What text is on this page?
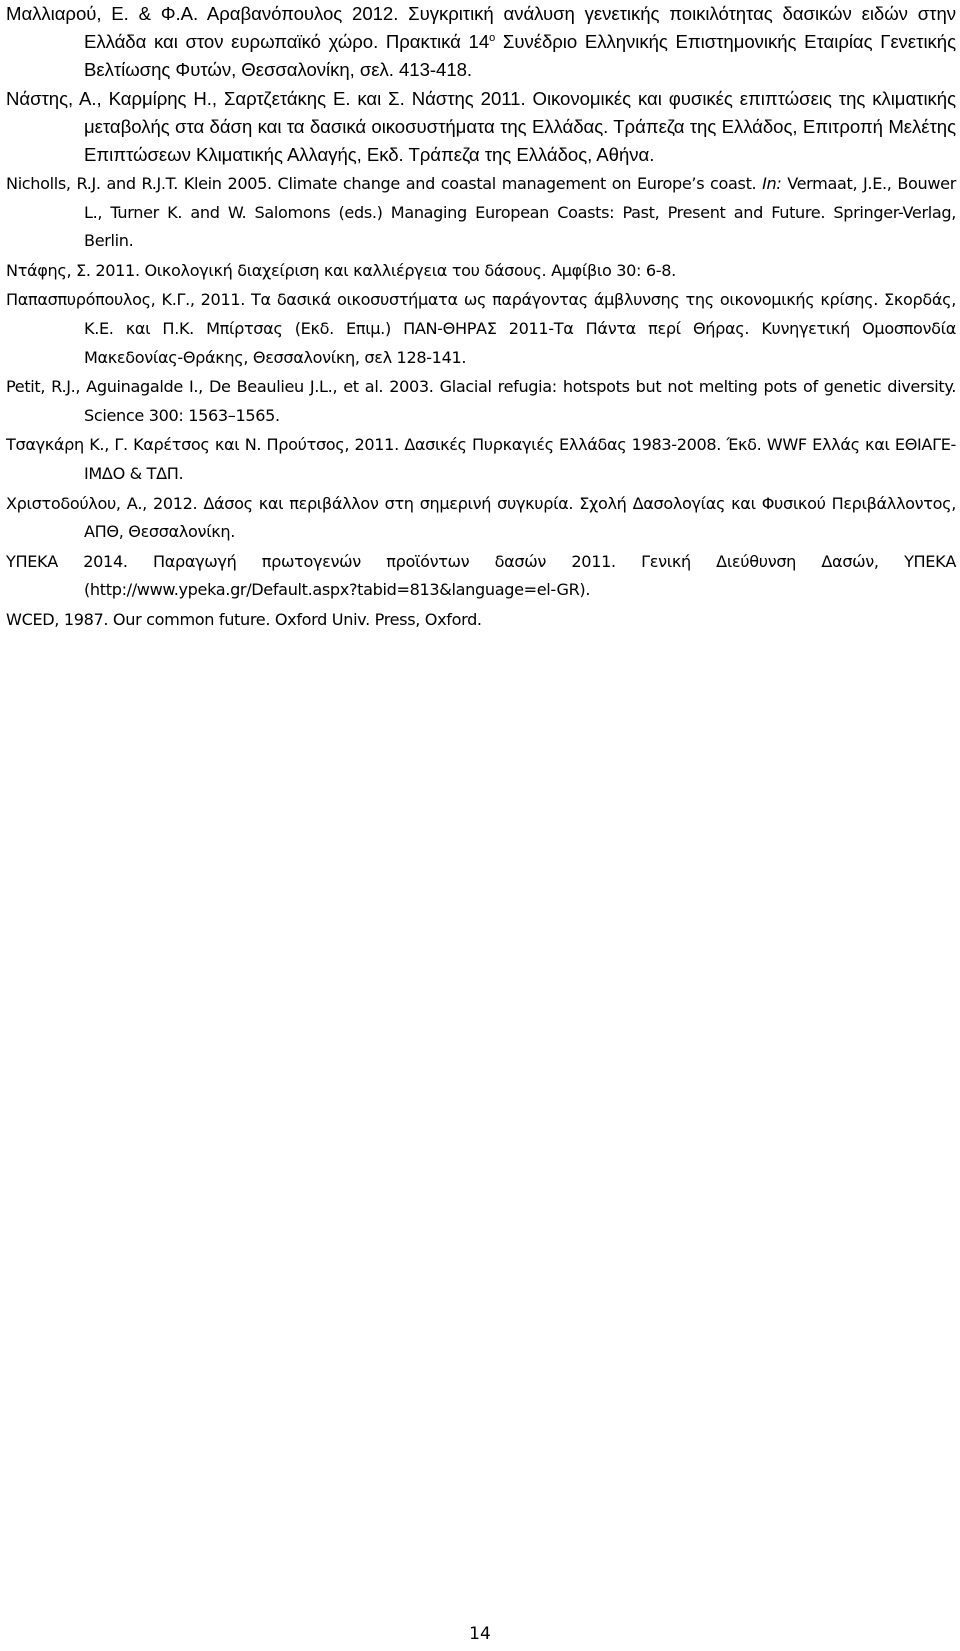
Μαλλιαρού, Ε. & Φ.Α. Αραβανόπουλος 2012. Συγκριτική ανάλυση γενετικής ποικιλότητας δασικών ειδών στην Ελλάδα και στον ευρωπαϊκό χώρο. Πρακτικά $14^o$ Συνέδριο Ελληνικής Επιστημονικής Εταιρίας Γενετικής Βελτίωσης Φυτών, Θεσσαλονίκη, σελ. 413-418.
Νάστης, Α., Καρμίρης Η., Σαρτζετάκης Ε. και Σ. Νάστης 2011. Οικονομικές και φυσικές επιπτώσεις της κλιματικής μεταβολής στα δάση και τα δασικά οικοσυστήματα της Ελλάδας. Τράπεζα της Ελλάδος, Επιτροπή Μελέτης Επιπτώσεων Κλιματικής Αλλαγής, Εκδ. Τράπεζα της Ελλάδος, Αθήνα.
Nicholls, R.J. and R.J.T. Klein 2005. Climate change and coastal management on Europe’s coast. In: Vermaat, J.E., Bouwer L., Turner K. and W. Salomons (eds.) Managing European Coasts: Past, Present and Future. Springer-Verlag, Berlin.
Ντάφης, Σ. 2011. Οικολογική διαχείριση και καλλιέργεια του δάσους. Αμφίβιο 30: 6-8.
Παπασπυρόπουλος, Κ.Γ., 2011. Τα δασικά οικοσυστήματα ως παράγοντας άμβλυνσης της οικονομικής κρίσης. Σκορδάς, Κ.Ε. και Π.Κ. Μπίρτσας (Εκδ. Επιμ.) ΠΑΝ-ΘΗΡΑΣ 2011-Τα Πάντα περί Θήρας. Κυνηγετική Ομοσπονδία Μακεδονίας-Θράκης, Θεσσαλονίκη, σελ 128-141.
Petit, R.J., Aguinagalde I., De Beaulieu J.L., et al. 2003. Glacial refugia: hotspots but not melting pots of genetic diversity. Science 300: 1563–1565.
Τσαγκάρη Κ., Γ. Καρέτσος και Ν. Προύτσος, 2011. Δασικές Πυρκαγιές Ελλάδας 1983-2008. Έκδ. WWF Ελλάς και ΕΘΙΑΓΕ-ΙΜΔΟ & ΤΔΠ.
Χριστοδούλου, Α., 2012. Δάσος και περιβάλλον στη σημερινή συγκυρία. Σχολή Δασολογίας και Φυσικού Περιβάλλοντος, ΑΠΘ, Θεσσαλονίκη.
ΥΠΕΚΑ 2014. Παραγωγή πρωτογενών προϊόντων δασών 2011. Γενική Διεύθυνση Δασών, ΥΠΕΚΑ (http://www.ypeka.gr/Default.aspx?tabid=813&language=el-GR).
WCED, 1987. Our common future. Oxford Univ. Press, Oxford.
14
